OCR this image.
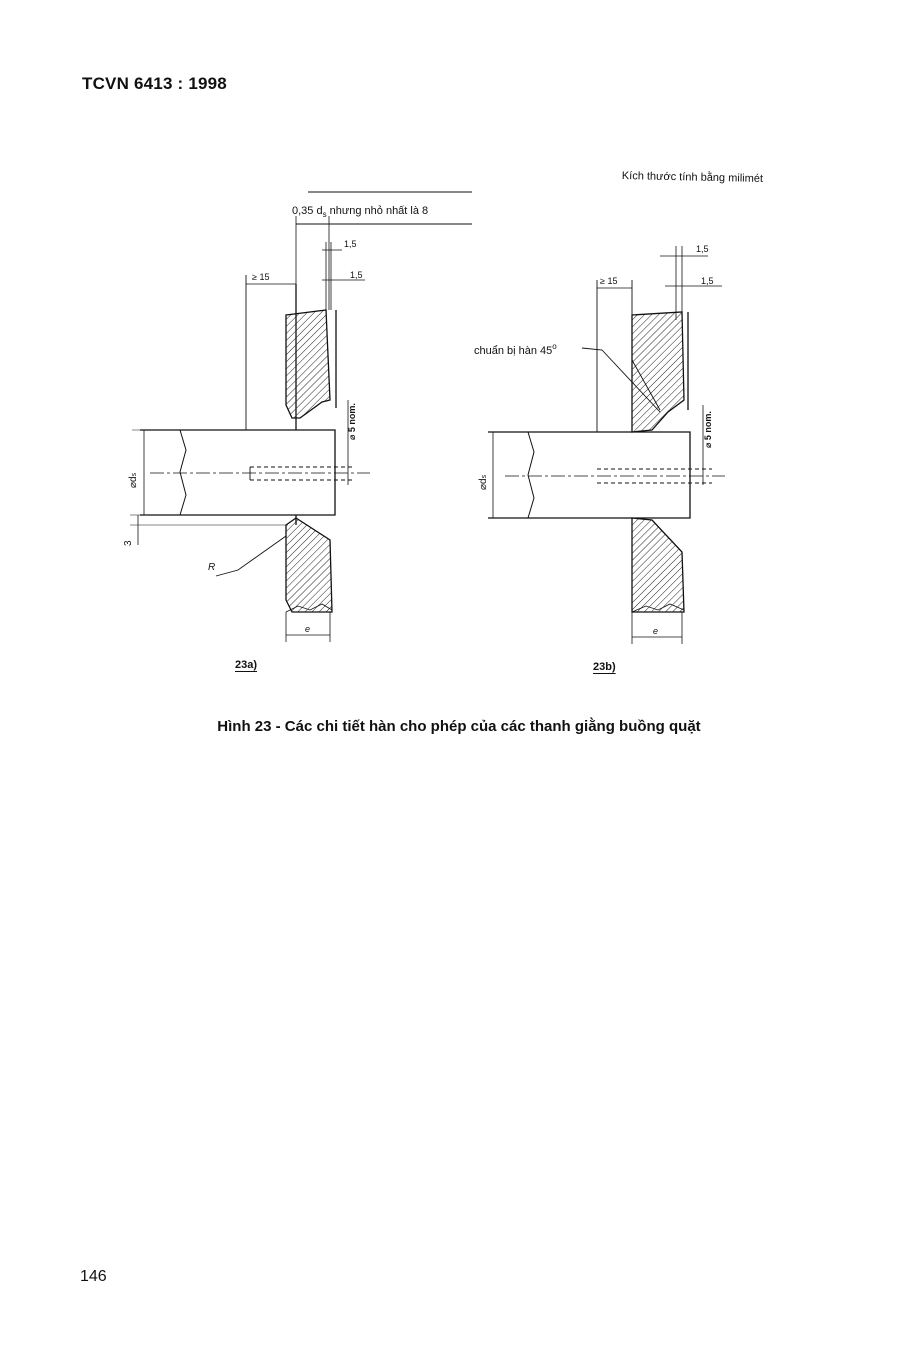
TCVN 6413 : 1998
Kích thước tính bằng milimét
0,35 $d_s$ nhưng nhỏ nhất là 8
1,5
1,5
≥ 15
⌀ 5 nom.
⌀ds
3
R
e
chuẩn bị hàn 45$^o$
1,5
1,5
≥ 15
⌀ 5 nom.
⌀ds
e
23a)	23b)
Hình 23 - Các chi tiết hàn cho phép của các thanh giằng buồng quặt
146
